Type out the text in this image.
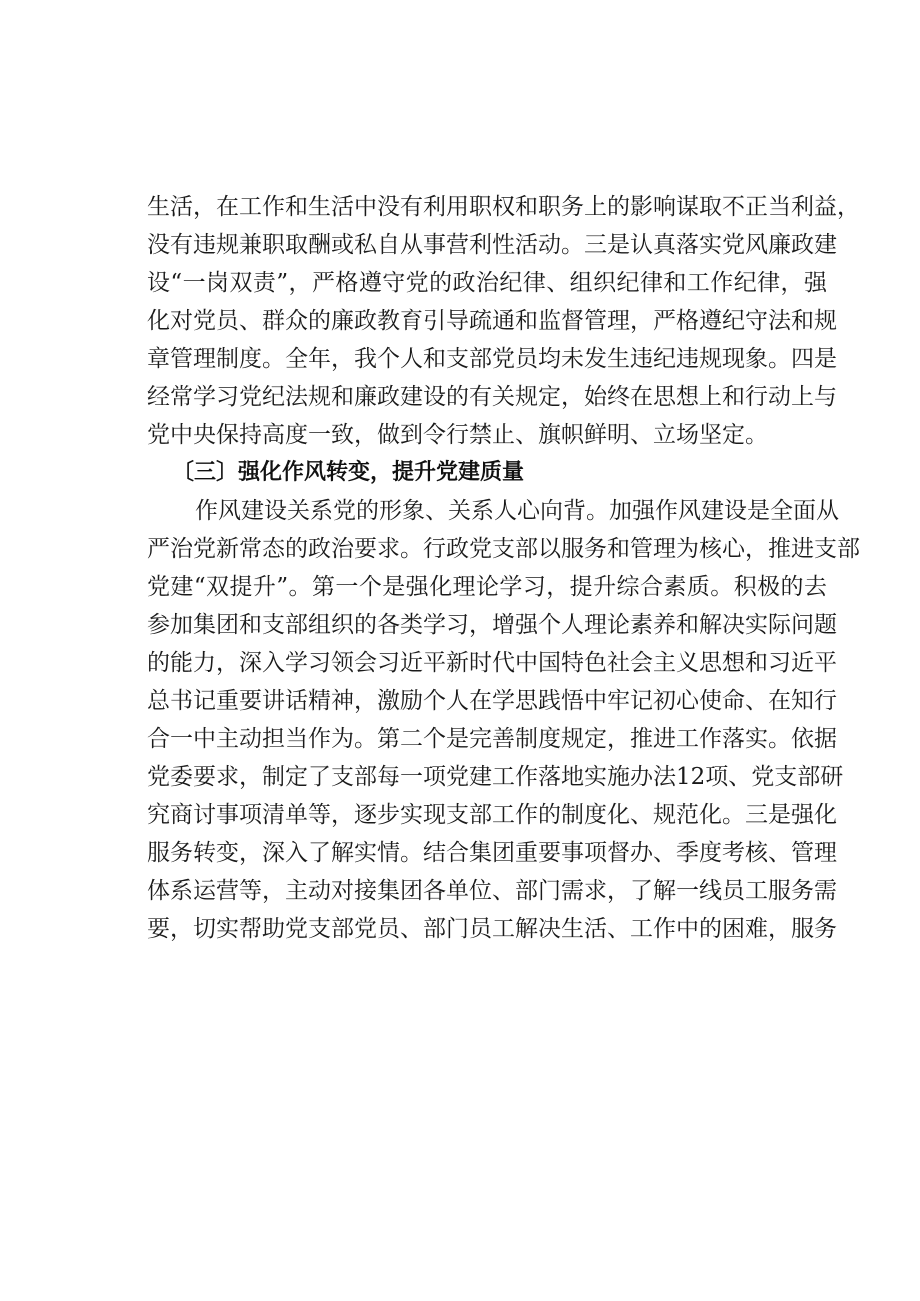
生活，在工作和生活中没有利用职权和职务上的影响谋取不正当利益，
没有违规兼职取酬或私自从事营利性活动。三是认真落实党风廉政建
设“一岗双责”，严格遵守党的政治纪律、组织纪律和工作纪律，强
化对党员、群众的廉政教育引导疏通和监督管理，严格遵纪守法和规
章管理制度。全年，我个人和支部党员均未发生违纪违规现象。四是
经常学习党纪法规和廉政建设的有关规定，始终在思想上和行动上与
党中央保持高度一致，做到令行禁止、旗帜鲜明、立场坚定。
〔三〕强化作风转变，提升党建质量
作风建设关系党的形象、关系人心向背。加强作风建设是全面从
严治党新常态的政治要求。行政党支部以服务和管理为核心，推进支部
党建“双提升”。第一个是强化理论学习，提升综合素质。积极的去
参加集团和支部组织的各类学习，增强个人理论素养和解决实际问题
的能力，深入学习领会习近平新时代中国特色社会主义思想和习近平
总书记重要讲话精神，激励个人在学思践悟中牢记初心使命、在知行
合一中主动担当作为。第二个是完善制度规定，推进工作落实。依据
党委要求，制定了支部每一项党建工作落地实施办法12项、党支部研
究商讨事项清单等，逐步实现支部工作的制度化、规范化。三是强化
服务转变，深入了解实情。结合集团重要事项督办、季度考核、管理
体系运营等，主动对接集团各单位、部门需求，了解一线员工服务需
要，切实帮助党支部党员、部门员工解决生活、工作中的困难，服务
